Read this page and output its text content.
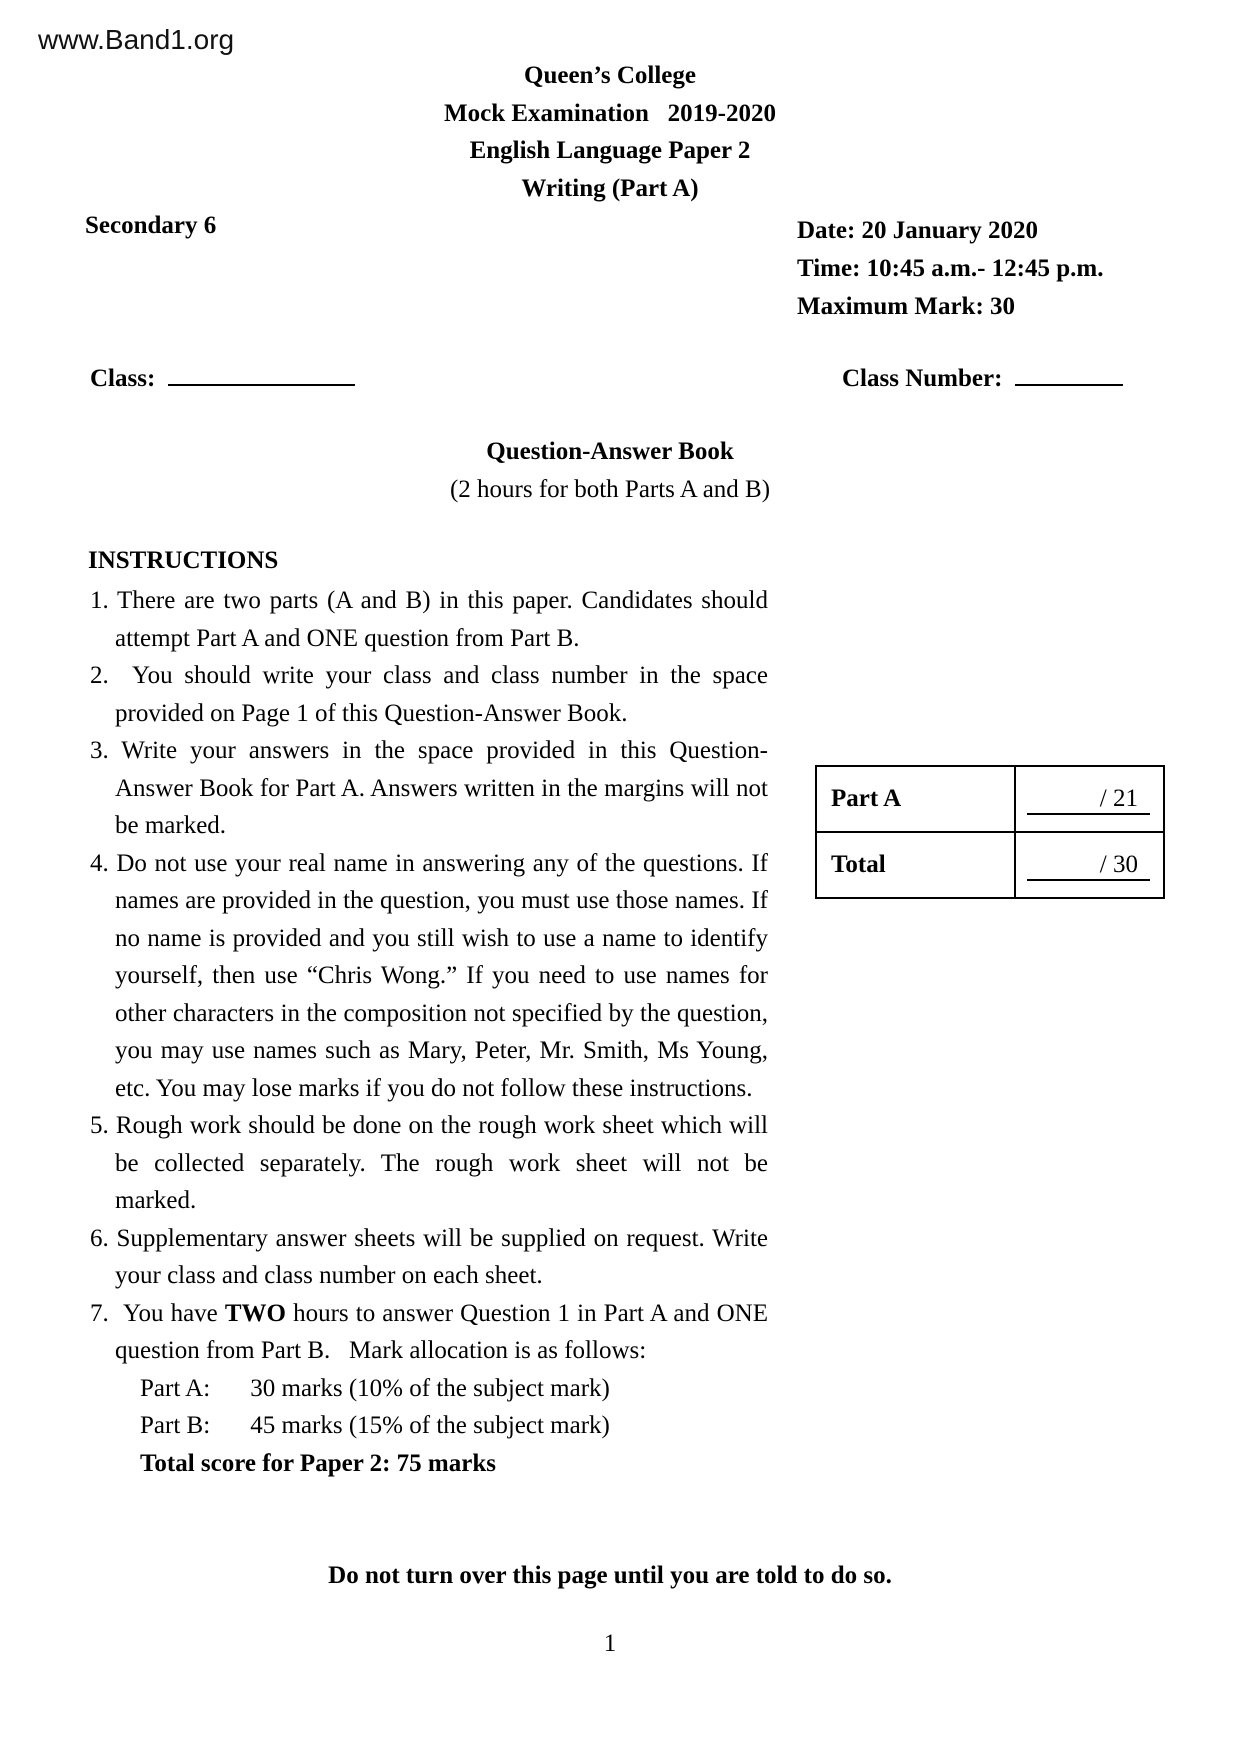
www.Band1.org
Queen’s College
Mock Examination   2019-2020
English Language Paper 2
Writing (Part A)
Secondary 6	Date: 20 January 2020
Time: 10:45 a.m.- 12:45 p.m.
Maximum Mark: 30
Class:	Class Number:
Question-Answer Book
(2 hours for both Parts A and B)
Part A	/ 21
Total	/ 30
INSTRUCTIONS
1. There are two parts (A and B) in this paper. Candidates should attempt Part A and ONE question from Part B.
2.  You should write your class and class number in the space provided on Page 1 of this Question-Answer Book.
3. Write your answers in the space provided in this Question-Answer Book for Part A. Answers written in the margins will not be marked.
4. Do not use your real name in answering any of the questions. If names are provided in the question, you must use those names. If no name is provided and you still wish to use a name to identify yourself, then use “Chris Wong.” If you need to use names for other characters in the composition not specified by the question, you may use names such as Mary, Peter, Mr. Smith, Ms Young, etc. You may lose marks if you do not follow these instructions.
5. Rough work should be done on the rough work sheet which will be collected separately. The rough work sheet will not be marked.
6. Supplementary answer sheets will be supplied on request. Write your class and class number on each sheet.
7.  You have TWO hours to answer Question 1 in Part A and ONE question from Part B.   Mark allocation is as follows:
Part A: 30 marks (10% of the subject mark)
Part B: 45 marks (15% of the subject mark)
Total score for Paper 2: 75 marks
Do not turn over this page until you are told to do so.
1
